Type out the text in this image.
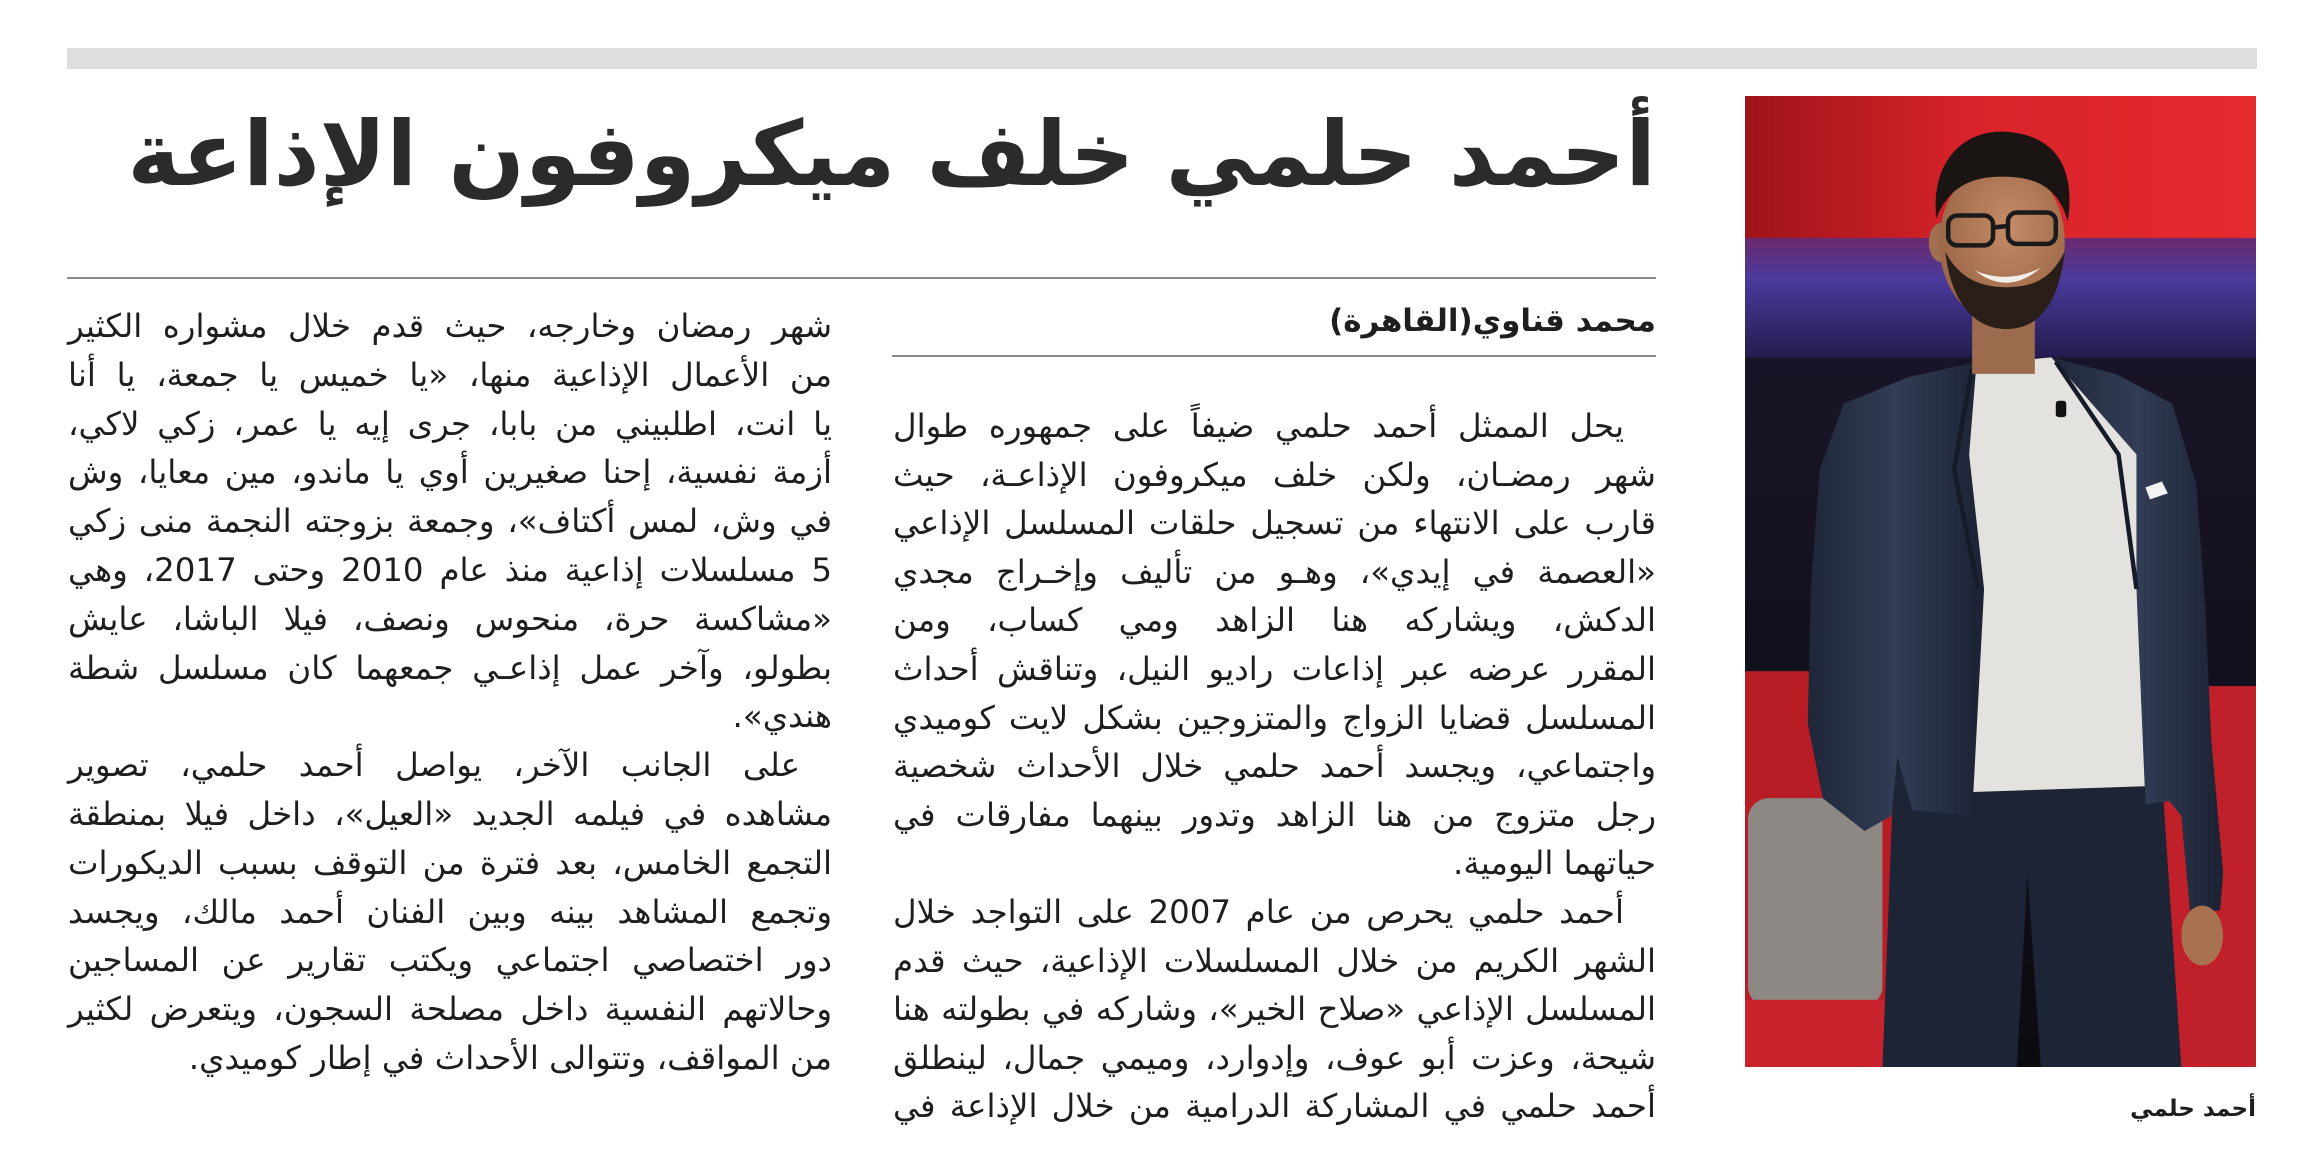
أحمد حلمي خلف ميكروفون الإذاعة
محمد قناوي(القاهرة)
يحل الممثل أحمد حلمي ضيفاً على جمهوره طوال
شهر رمضـان، ولكن خلف ميكروفون الإذاعـة، حيث
قارب على الانتهاء من تسجيل حلقات المسلسل الإذاعي
«العصمة في إيدي»، وهـو من تأليف وإخـراج مجدي
الدكش، ويشاركه هنا الزاهد ومي كساب، ومن
المقرر عرضه عبر إذاعات راديو النيل، وتناقش أحداث
المسلسل قضايا الزواج والمتزوجين بشكل لايت كوميدي
واجتماعي، ويجسد أحمد حلمي خلال الأحداث شخصية
رجل متزوج من هنا الزاهد وتدور بينهما مفارقات في
حياتهما اليومية.
أحمد حلمي يحرص من عام 2007 على التواجد خلال
الشهر الكريم من خلال المسلسلات الإذاعية، حيث قدم
المسلسل الإذاعي «صلاح الخير»، وشاركه في بطولته هنا
شيحة، وعزت أبو عوف، وإدوارد، وميمي جمال، لينطلق
أحمد حلمي في المشاركة الدرامية من خلال الإذاعة في
شهر رمضان وخارجه، حيث قدم خلال مشواره الكثير
من الأعمال الإذاعية منها، «يا خميس يا جمعة، يا أنا
يا انت، اطلبيني من بابا، جرى إيه يا عمر، زكي لاكي،
أزمة نفسية، إحنا صغيرين أوي يا ماندو، مين معايا، وش
في وش، لمس أكتاف»، وجمعة بزوجته النجمة منى زكي
5 مسلسلات إذاعية منذ عام 2010 وحتى 2017، وهي
«مشاكسة حرة، منحوس ونصف، فيلا الباشا، عايش
بطولو، وآخر عمل إذاعـي جمعهما كان مسلسل شطة
هندي».
على الجانب الآخر، يواصل أحمد حلمي، تصوير
مشاهده في فيلمه الجديد «العيل»، داخل فيلا بمنطقة
التجمع الخامس، بعد فترة من التوقف بسبب الديكورات
وتجمع المشاهد بينه وبين الفنان أحمد مالك، ويجسد
دور اختصاصي اجتماعي ويكتب تقارير عن المساجين
وحالاتهم النفسية داخل مصلحة السجون، ويتعرض لكثير
من المواقف، وتتوالى الأحداث في إطار كوميدي.
أحمد حلمي
